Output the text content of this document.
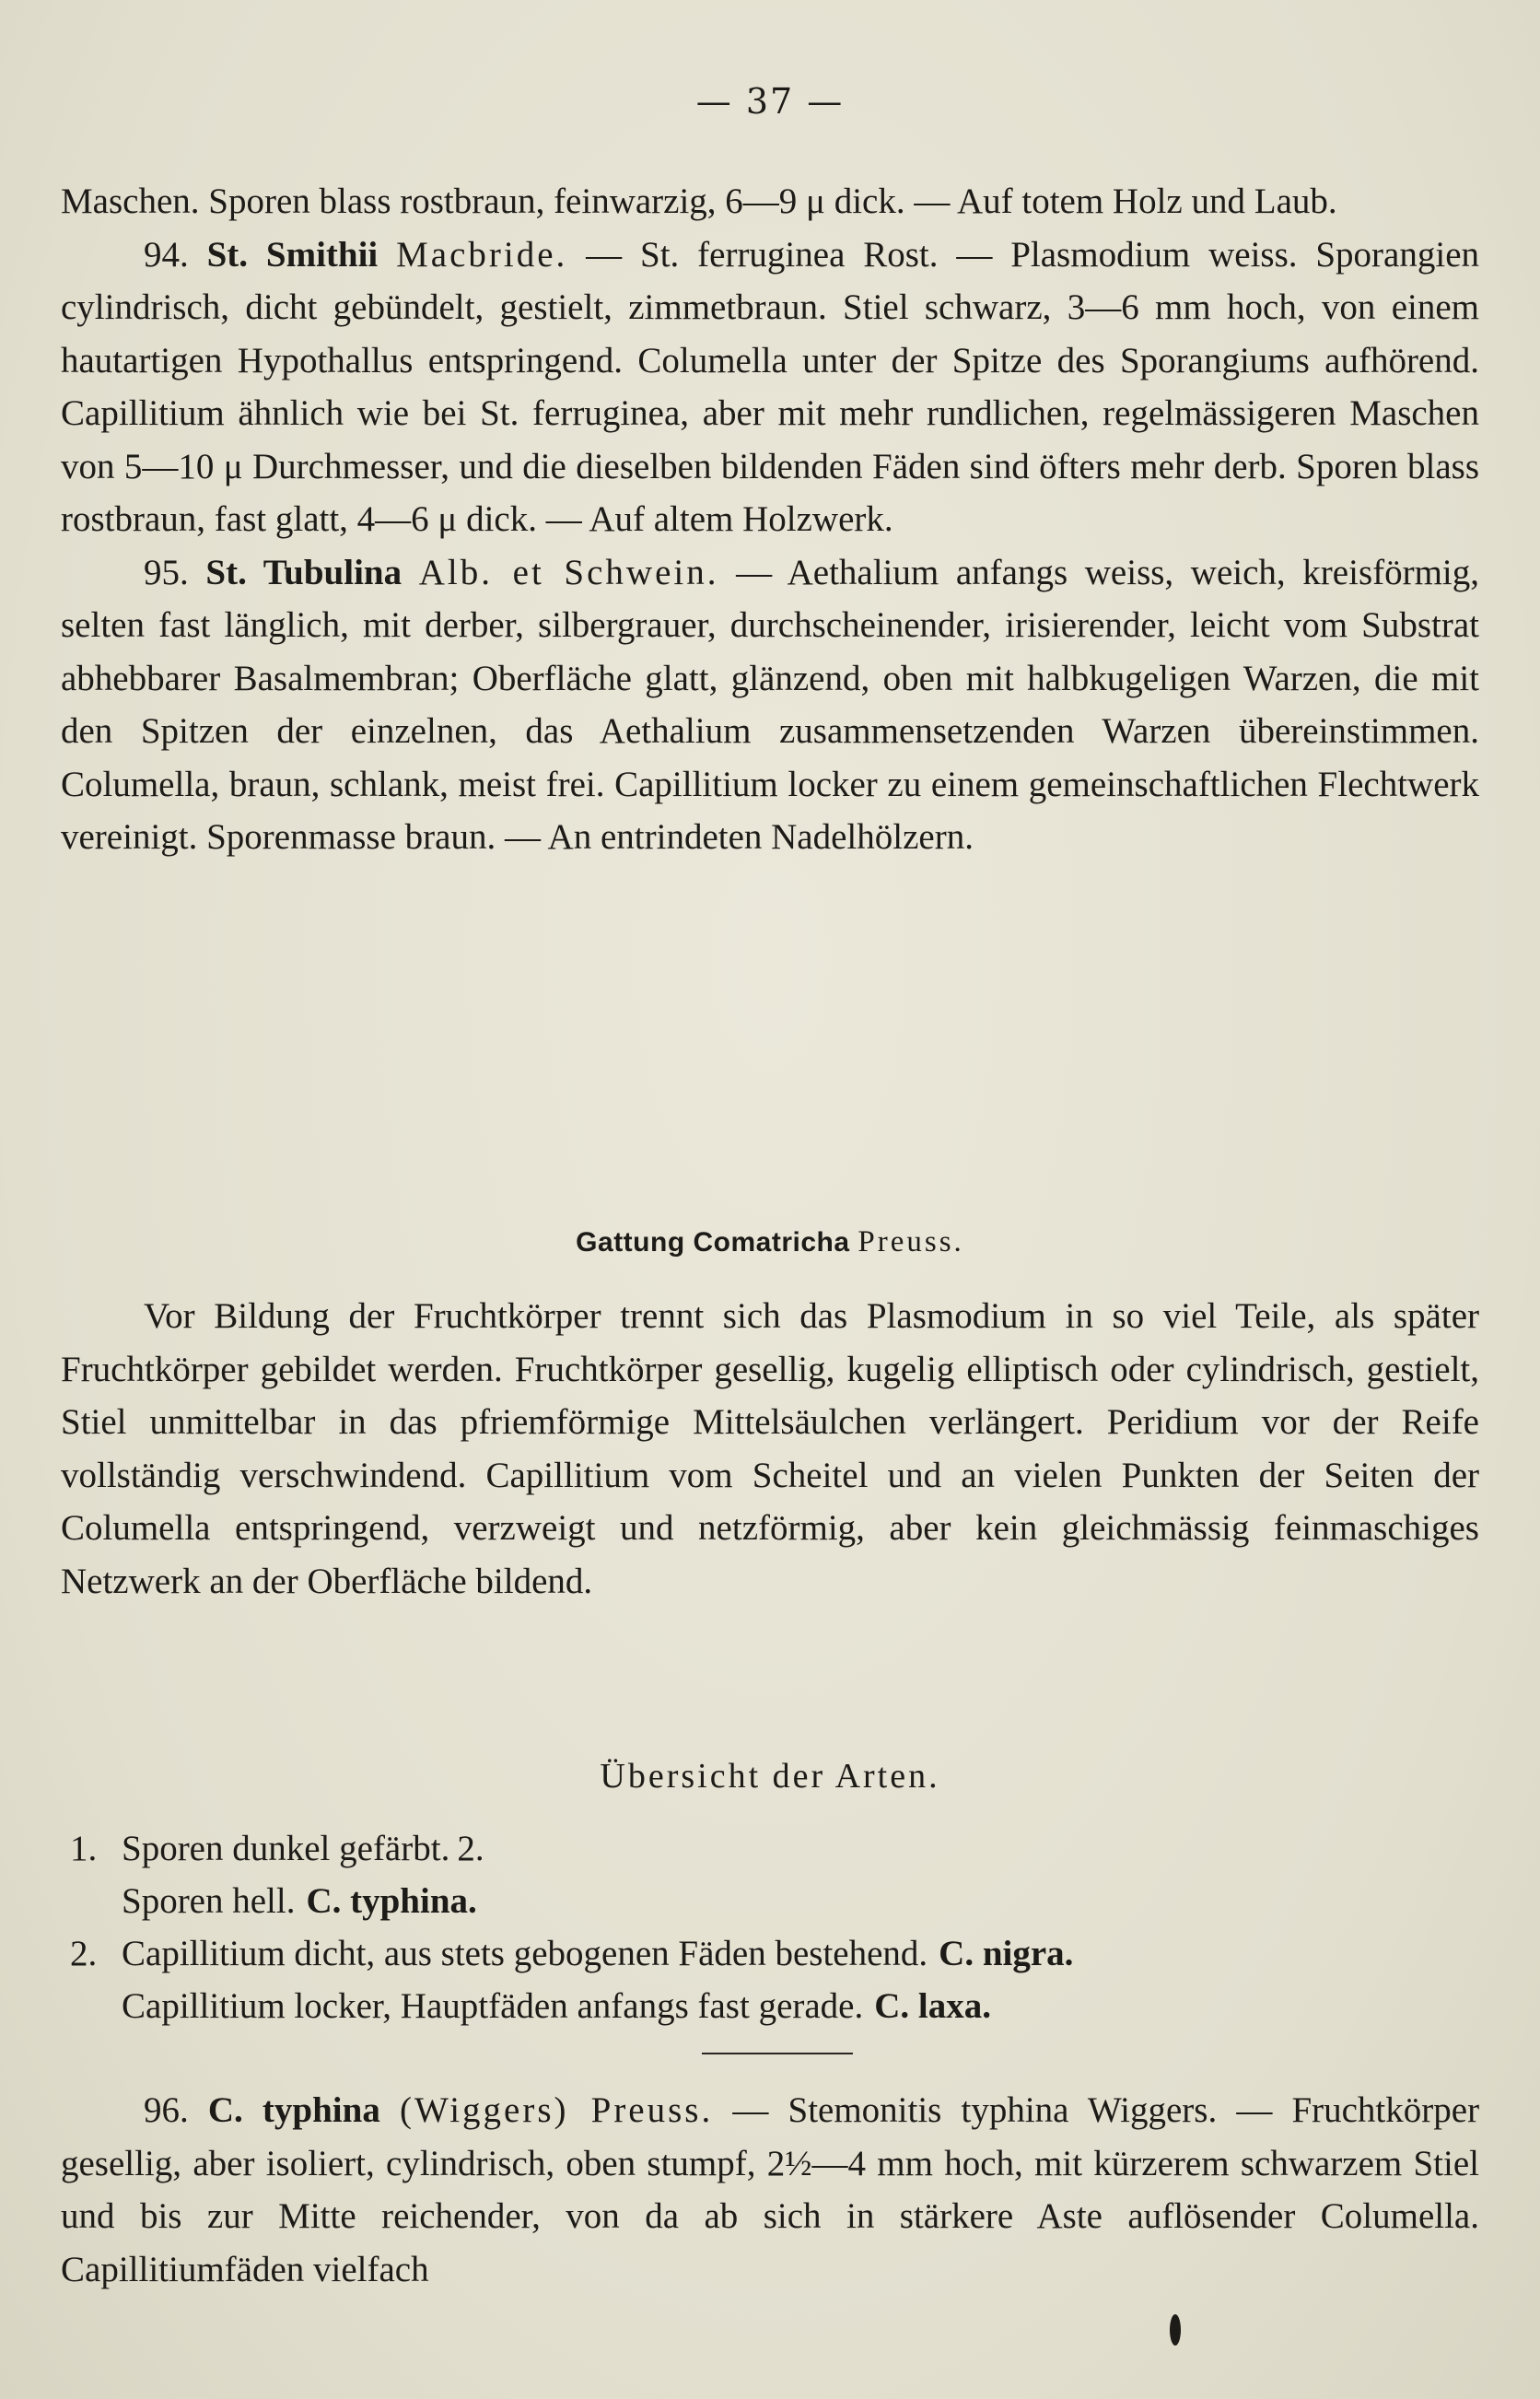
— 37 —

Maschen. Sporen blass rostbraun, feinwarzig, 6—9 μ dick. — Auf totem Holz und Laub.

94. St. Smithii Macbride. — St. ferruginea Rost. — Plasmodium weiss. Sporangien cylindrisch, dicht gebündelt, gestielt, zimmetbraun. Stiel schwarz, 3—6 mm hoch, von einem hautartigen Hypothallus entspringend. Columella unter der Spitze des Sporangiums aufhörend. Capillitium ähnlich wie bei St. ferruginea, aber mit mehr rundlichen, regelmässigeren Maschen von 5—10 μ Durchmesser, und die dieselben bildenden Fäden sind öfters mehr derb. Sporen blass rostbraun, fast glatt, 4—6 μ dick. — Auf altem Holzwerk.

95. St. Tubulina Alb. et Schwein. — Aethalium anfangs weiss, weich, kreisförmig, selten fast länglich, mit derber, silbergrauer, durchscheinender, irisierender, leicht vom Substrat abhebbarer Basalmembran; Oberfläche glatt, glänzend, oben mit halbkugeligen Warzen, die mit den Spitzen der einzelnen, das Aethalium zusammensetzenden Warzen übereinstimmen. Columella, braun, schlank, meist frei. Capillitium locker zu einem gemeinschaftlichen Flechtwerk vereinigt. Sporenmasse braun. — An entrindeten Nadelhölzern.

Gattung Comatricha Preuss.

Vor Bildung der Fruchtkörper trennt sich das Plasmodium in so viel Teile, als später Fruchtkörper gebildet werden. Fruchtkörper gesellig, kugelig elliptisch oder cylindrisch, gestielt, Stiel unmittelbar in das pfriemförmige Mittelsäulchen verlängert. Peridium vor der Reife vollständig verschwindend. Capillitium vom Scheitel und an vielen Punkten der Seiten der Columella entspringend, verzweigt und netzförmig, aber kein gleichmässig feinmaschiges Netzwerk an der Oberfläche bildend.

Übersicht der Arten.
1. Sporen dunkel gefärbt. 2.
Sporen hell. C. typhina.
2. Capillitium dicht, aus stets gebogenen Fäden bestehend. C. nigra.
Capillitium locker, Hauptfäden anfangs fast gerade. C. laxa.

96. C. typhina (Wiggers) Preuss. — Stemonitis typhina Wiggers. — Fruchtkörper gesellig, aber isoliert, cylindrisch, oben stumpf, 2½—4 mm hoch, mit kürzerem schwarzem Stiel und bis zur Mitte reichender, von da ab sich in stärkere Aste auflösender Columella. Capillitiumfäden vielfach
